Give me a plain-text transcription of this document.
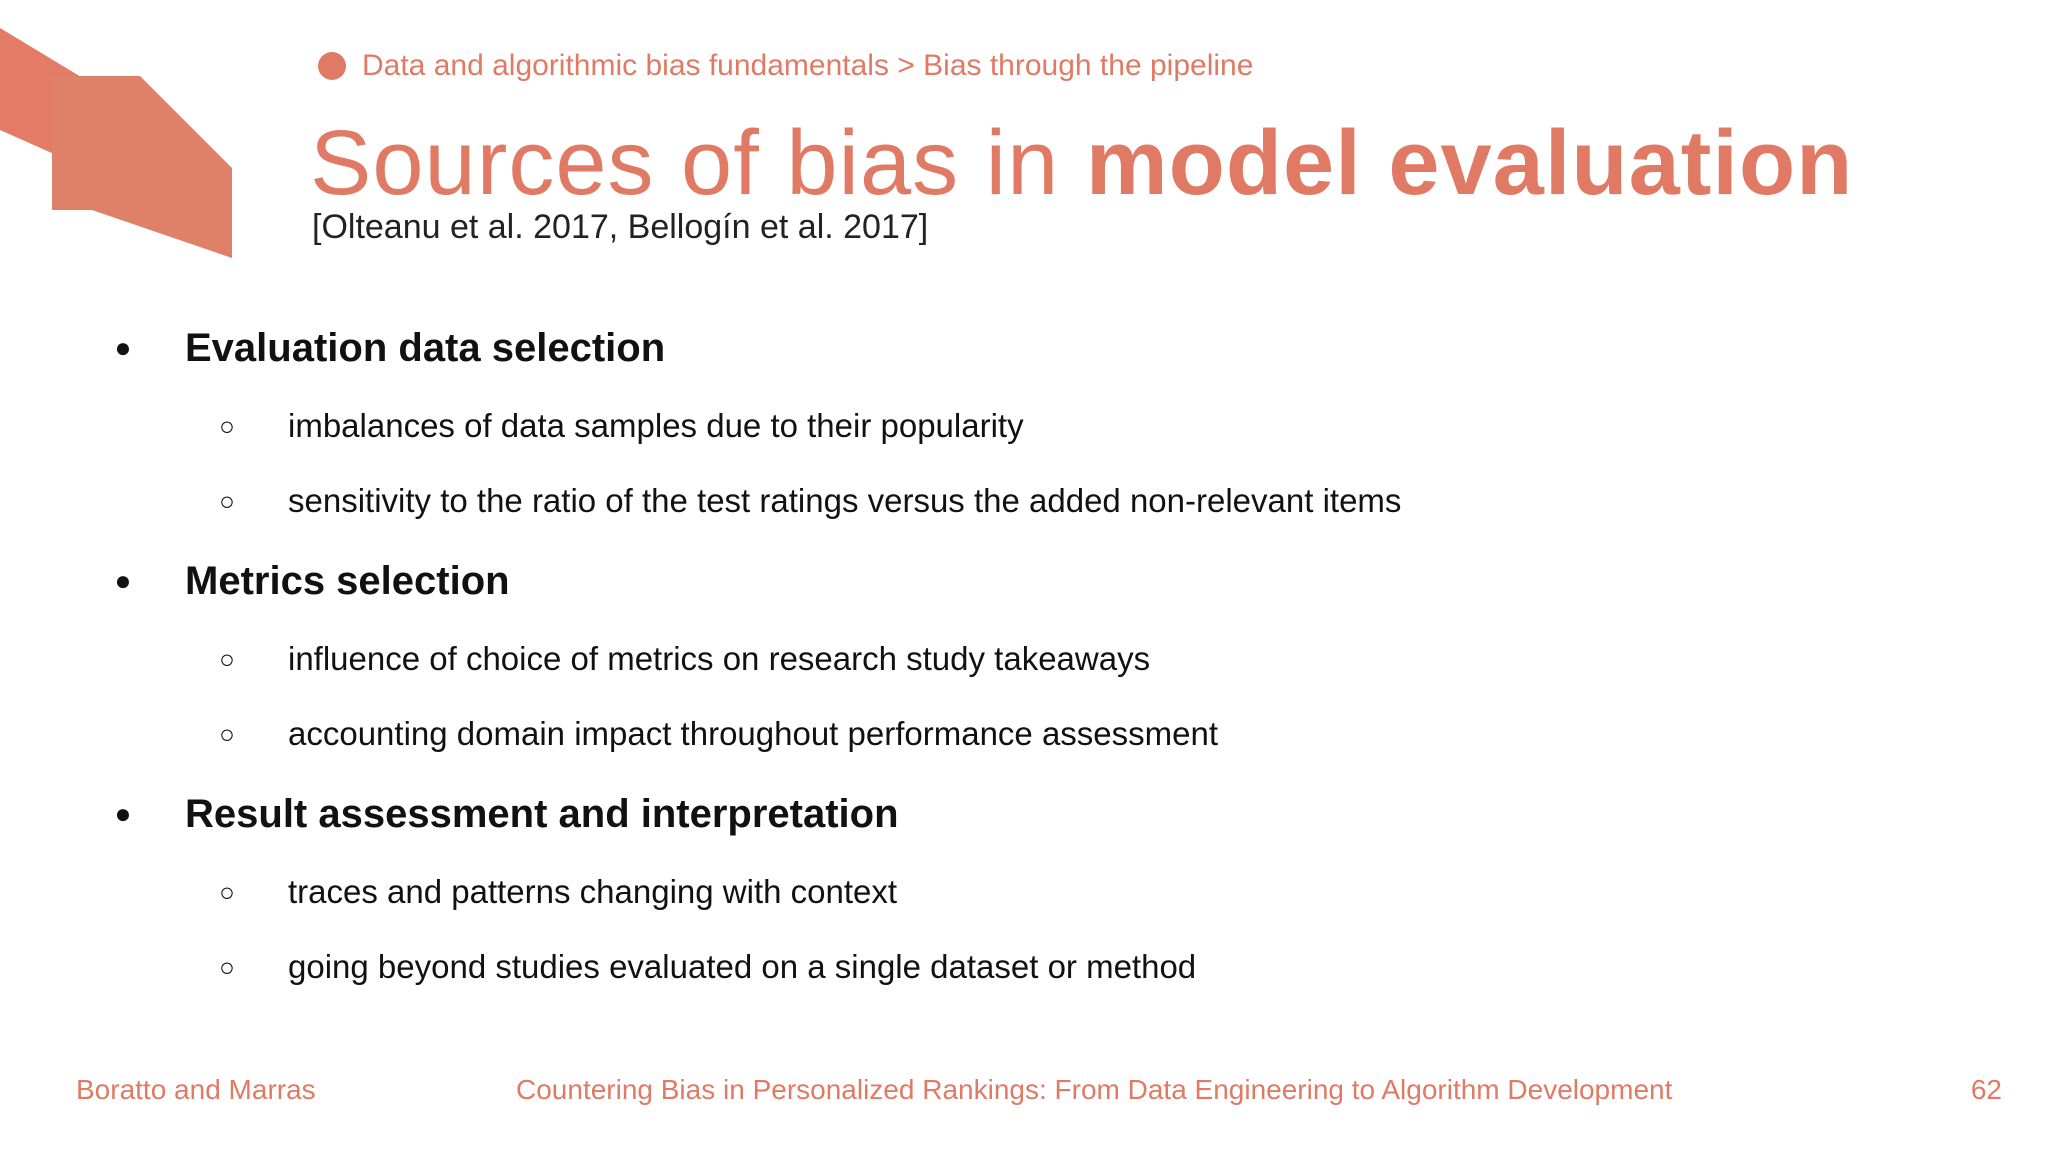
Data and algorithmic bias fundamentals > Bias through the pipeline
Sources of bias in model evaluation
[Olteanu et al. 2017, Bellogín et al. 2017]
● Evaluation data selection
○ imbalances of data samples due to their popularity
○ sensitivity to the ratio of the test ratings versus the added non-relevant items
● Metrics selection
○ influence of choice of metrics on research study takeaways
○ accounting domain impact throughout performance assessment
● Result assessment and interpretation
○ traces and patterns changing with context
○ going beyond studies evaluated on a single dataset or method
Boratto and Marras	Countering Bias in Personalized Rankings: From Data Engineering to Algorithm Development	62
